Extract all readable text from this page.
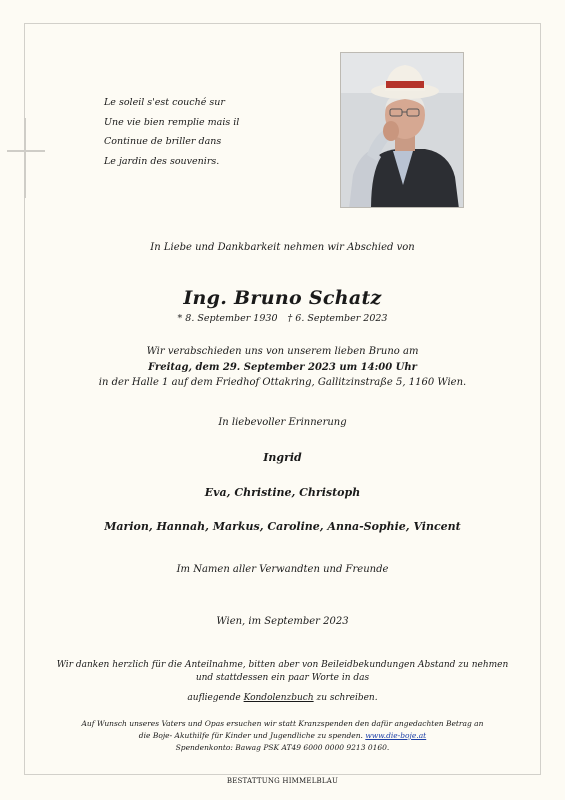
Le soleil s'est couché sur
Une vie bien remplie mais il
Continue de briller dans
Le jardin des souvenirs.
In Liebe und Dankbarkeit nehmen wir Abschied von
Ing. Bruno Schatz
* 8. September 1930 † 6. September 2023
Wir verabschieden uns von unserem lieben Bruno am
Freitag, dem 29. September 2023 um 14:00 Uhr
in der Halle 1 auf dem Friedhof Ottakring, Gallitzinstraße 5, 1160 Wien.
In liebevoller Erinnerung
Ingrid
Eva, Christine, Christoph
Marion, Hannah, Markus, Caroline, Anna-Sophie, Vincent
Im Namen aller Verwandten und Freunde
Wien, im September 2023
Wir danken herzlich für die Anteilnahme, bitten aber von Beileidbekundungen Abstand zu nehmen
und stattdessen ein paar Worte in das
aufliegende Kondolenzbuch zu schreiben.
Auf Wunsch unseres Vaters und Opas ersuchen wir statt Kranzspenden den dafür angedachten Betrag an
die Boje- Akuthilfe für Kinder und Jugendliche zu spenden. www.die-boje.at
Spendenkonto: Bawag PSK AT49 6000 0000 9213 0160.
BESTATTUNG HIMMELBLAU
